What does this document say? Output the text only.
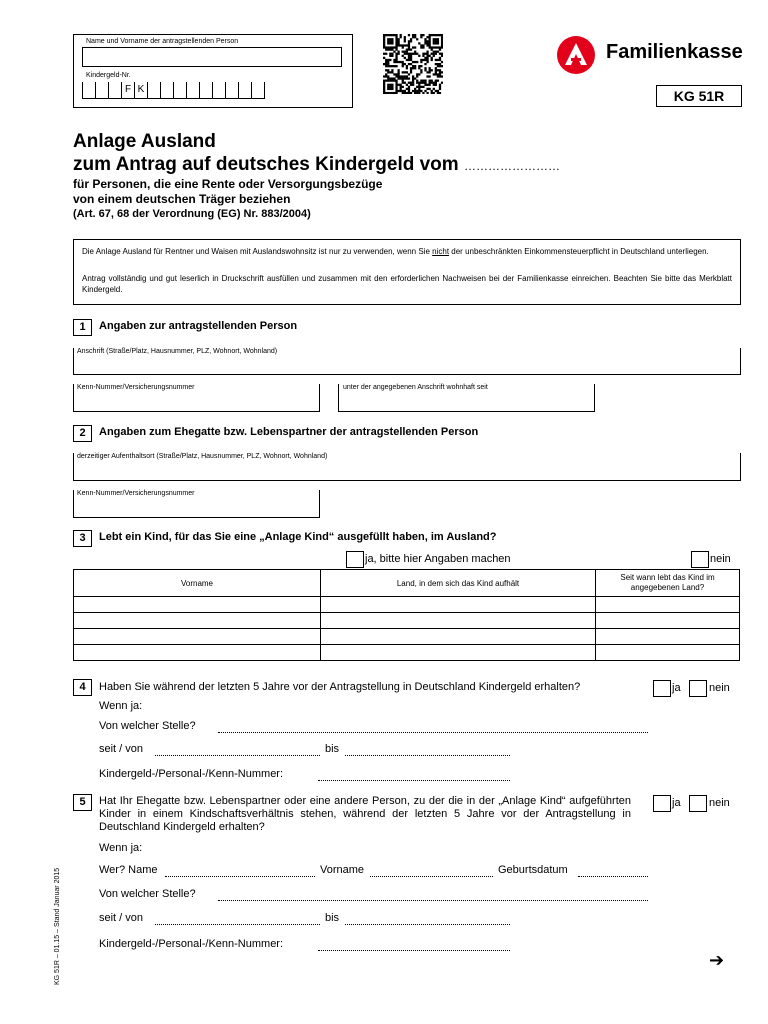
Name und Vorname der antragstellenden Person
Kindergeld-Nr.
F K
Familienkasse
KG 51R
Anlage Ausland
zum Antrag auf deutsches Kindergeld vom ……………………
für Personen, die eine Rente oder Versorgungsbezüge
von einem deutschen Träger beziehen
(Art. 67, 68 der Verordnung (EG) Nr. 883/2004)
Die Anlage Ausland für Rentner und Waisen mit Auslandswohnsitz ist nur zu verwenden, wenn Sie nicht der unbeschränkten Einkommensteuerpflicht in Deutschland unterliegen.
Antrag vollständig und gut leserlich in Druckschrift ausfüllen und zusammen mit den erforderlichen Nachweisen bei der Familienkasse einreichen. Beachten Sie bitte das Merkblatt Kindergeld.
1	Angaben zur antragstellenden Person
Anschrift (Straße/Platz, Hausnummer, PLZ, Wohnort, Wohnland)
Kenn-Nummer/Versicherungsnummer	unter der angegebenen Anschrift wohnhaft seit
2	Angaben zum Ehegatte bzw. Lebenspartner der antragstellenden Person
derzeitiger Aufenthaltsort (Straße/Platz, Hausnummer, PLZ, Wohnort, Wohnland)
Kenn-Nummer/Versicherungsnummer
3	Lebt ein Kind, für das Sie eine „Anlage Kind“ ausgefüllt haben, im Ausland?
ja, bitte hier Angaben machen	nein
Vorname	Land, in dem sich das Kind aufhält	Seit wann lebt das Kind im angegebenen Land?

4	Haben Sie während der letzten 5 Jahre vor der Antragstellung in Deutschland Kindergeld erhalten?	ja	nein
Wenn ja:
Von welcher Stelle?
seit / von	bis
Kindergeld-/Personal-/Kenn-Nummer:
5	Hat Ihr Ehegatte bzw. Lebenspartner oder eine andere Person, zu der die in der „Anlage Kind“ aufgeführten Kinder in einem Kindschaftsverhältnis stehen, während der letzten 5 Jahre vor der Antragstellung in Deutschland Kindergeld erhalten?
ja	nein
Wenn ja:
Wer? Name	Vorname	Geburtsdatum
Von welcher Stelle?
seit / von	bis
Kindergeld-/Personal-/Kenn-Nummer:
KG 51R – 01.15 – Stand Januar 2015	➔
